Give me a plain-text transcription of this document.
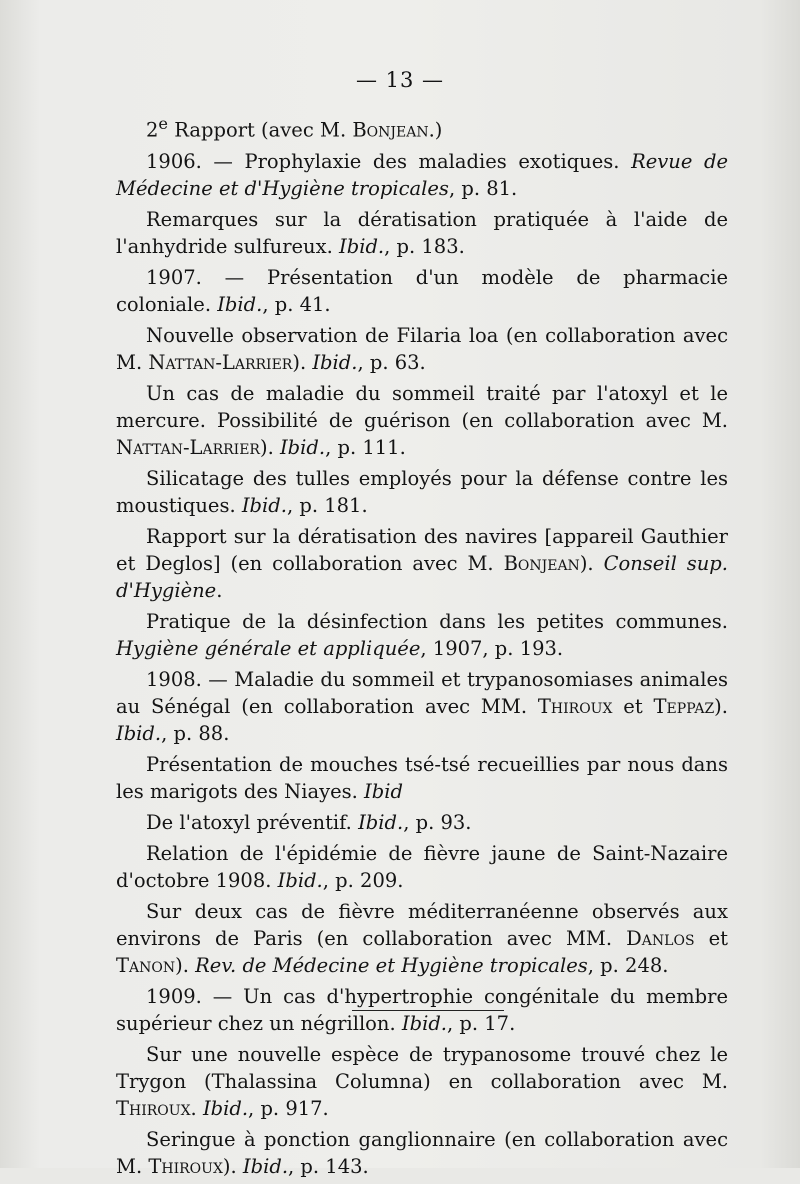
— 13 —

2e Rapport (avec M. Bonjean.)

1906. — Prophylaxie des maladies exotiques. Revue de Médecine et d'Hygiène tropicales, p. 81.

Remarques sur la dératisation pratiquée à l'aide de l'anhydride sulfureux. Ibid., p. 183.

1907. — Présentation d'un modèle de pharmacie coloniale. Ibid., p. 41.

Nouvelle observation de Filaria loa (en collaboration avec M. Nattan-Larrier). Ibid., p. 63.

Un cas de maladie du sommeil traité par l'atoxyl et le mercure. Possibilité de guérison (en collaboration avec M. Nattan-Larrier). Ibid., p. 111.

Silicatage des tulles employés pour la défense contre les moustiques. Ibid., p. 181.

Rapport sur la dératisation des navires [appareil Gauthier et Deglos] (en collaboration avec M. Bonjean). Conseil sup. d'Hygiène.

Pratique de la désinfection dans les petites communes. Hygiène générale et appliquée, 1907, p. 193.

1908. — Maladie du sommeil et trypanosomiases animales au Sénégal (en collaboration avec MM. Thiroux et Teppaz). Ibid., p. 88.

Présentation de mouches tsé-tsé recueillies par nous dans les marigots des Niayes. Ibid

De l'atoxyl préventif. Ibid., p. 93.

Relation de l'épidémie de fièvre jaune de Saint-Nazaire d'octobre 1908. Ibid., p. 209.

Sur deux cas de fièvre méditerranéenne observés aux environs de Paris (en collaboration avec MM. Danlos et Tanon). Rev. de Médecine et Hygiène tropicales, p. 248.

1909. — Un cas d'hypertrophie congénitale du membre supérieur chez un négrillon. Ibid., p. 17.

Sur une nouvelle espèce de trypanosome trouvé chez le Trygon (Thalassina Columna) en collaboration avec M. Thiroux. Ibid., p. 917.

Seringue à ponction ganglionnaire (en collaboration avec M. Thiroux). Ibid., p. 143.
